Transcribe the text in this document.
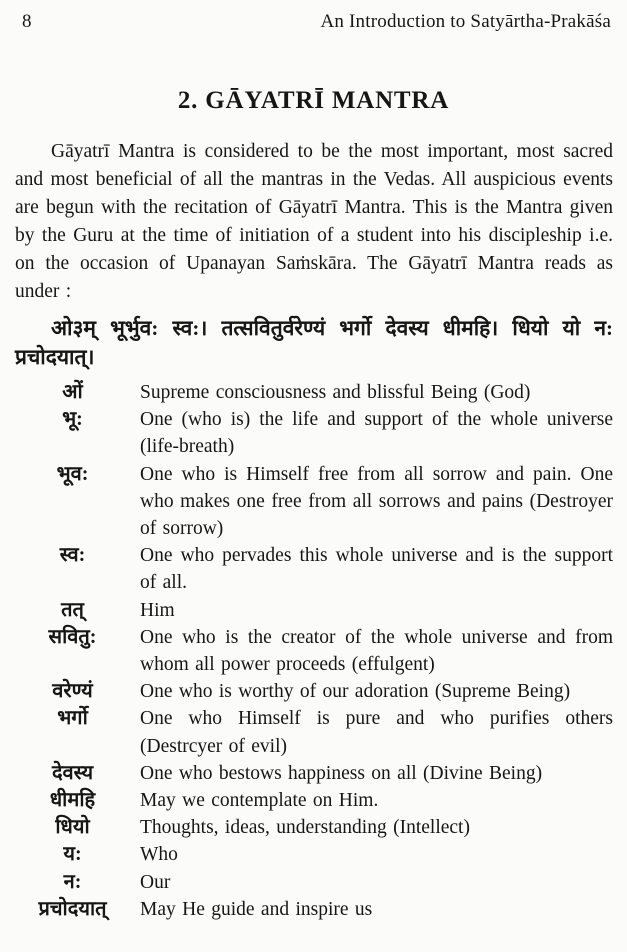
8	An Introduction to Satyārtha-Prakāśa
2. GĀYATRĪ MANTRA

Gāyatrī Mantra is considered to be the most important, most sacred and most beneficial of all the mantras in the Vedas. All auspicious events are begun with the recitation of Gāyatrī Mantra. This is the Mantra given by the Guru at the time of initiation of a student into his discipleship i.e. on the occasion of Upanayan Saṁskāra. The Gāyatrī Mantra reads as under :

ओ३म् भूर्भुव: स्व:। तत्सवितुर्वरेण्यं भर्गो देवस्य धीमहि। धियो यो न: प्रचोदयात्।

ओं	Supreme consciousness and blissful Being (God)
भू:	One (who is) the life and support of the whole universe (life-breath)
भूव:	One who is Himself free from all sorrow and pain. One who makes one free from all sorrows and pains (Destroyer of sorrow)
स्व:	One who pervades this whole universe and is the support of all.
तत्	Him
सवितु:	One who is the creator of the whole universe and from whom all power proceeds (effulgent)
वरेण्यं	One who is worthy of our adoration (Supreme Being)
भर्गो	One who Himself is pure and who purifies others (Destrcyer of evil)
देवस्य	One who bestows happiness on all (Divine Being)
धीमहि	May we contemplate on Him.
धियो	Thoughts, ideas, understanding (Intellect)
य:	Who
न:	Our
प्रचोदयात्	May He guide and inspire us
